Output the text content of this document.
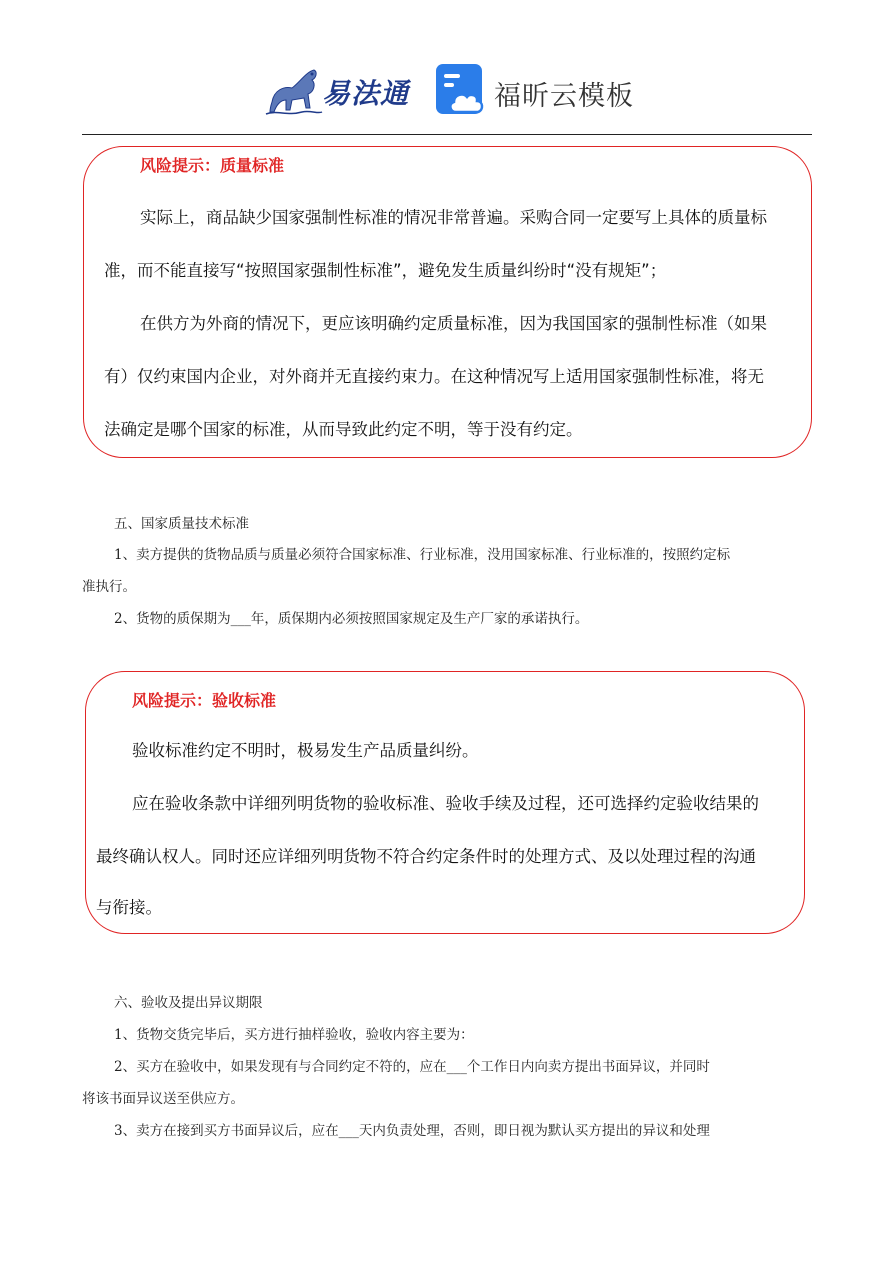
易法通	福昕云模板
风险提示：质量标准
实际上，商品缺少国家强制性标准的情况非常普遍。采购合同一定要写上具体的质量标
准，而不能直接写“按照国家强制性标准”，避免发生质量纠纷时“没有规矩”；
在供方为外商的情况下，更应该明确约定质量标准，因为我国国家的强制性标准（如果
有）仅约束国内企业，对外商并无直接约束力。在这种情况写上适用国家强制性标准，将无
法确定是哪个国家的标准，从而导致此约定不明，等于没有约定。
五、国家质量技术标准
1、卖方提供的货物品质与质量必须符合国家标准、行业标准，没用国家标准、行业标准的，按照约定标
准执行。
2、货物的质保期为___年，质保期内必须按照国家规定及生产厂家的承诺执行。
风险提示：验收标准
验收标准约定不明时，极易发生产品质量纠纷。
应在验收条款中详细列明货物的验收标准、验收手续及过程，还可选择约定验收结果的
最终确认权人。同时还应详细列明货物不符合约定条件时的处理方式、及以处理过程的沟通
与衔接。
六、验收及提出异议期限
1、货物交货完毕后，买方进行抽样验收，验收内容主要为：
2、买方在验收中，如果发现有与合同约定不符的，应在___个工作日内向卖方提出书面异议，并同时
将该书面异议送至供应方。
3、卖方在接到买方书面异议后，应在___天内负责处理，否则，即日视为默认买方提出的异议和处理
